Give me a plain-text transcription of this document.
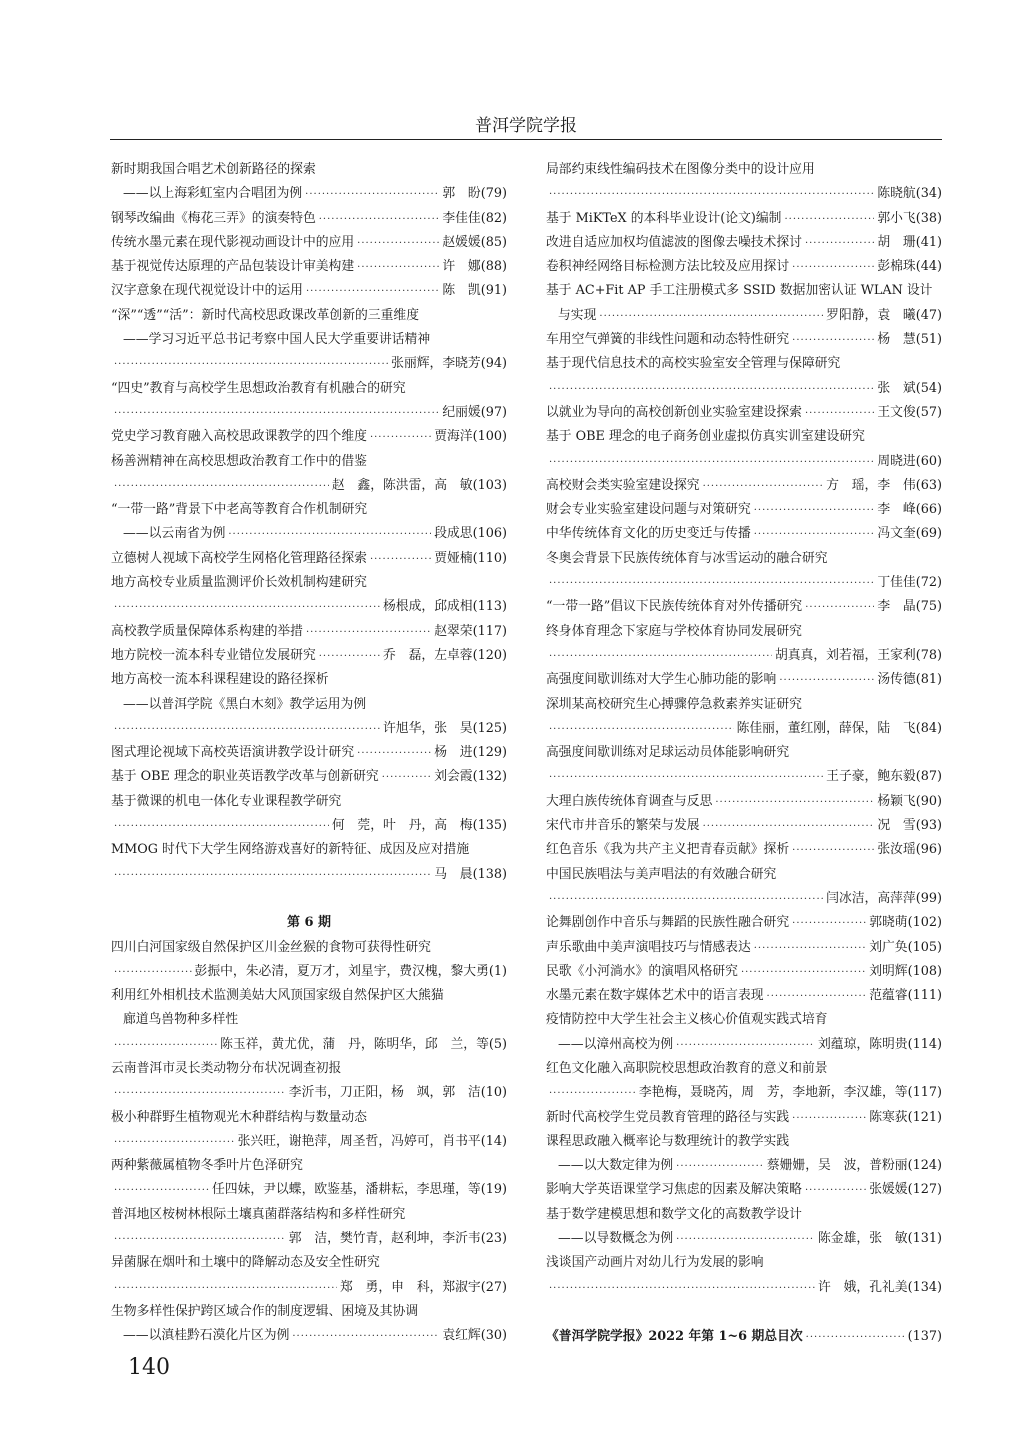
普洱学院学报
新时期我国合唱艺术创新路径的探索
——以上海彩虹室内合唱团为例 ·····	郭　盼(79)
钢琴改编曲《梅花三弄》的演奏特色 ·····	李佳佳(82)
传统水墨元素在现代影视动画设计中的应用 ·····	赵媛媛(85)
基于视觉传达原理的产品包装设计审美构建 ·····	许　娜(88)
汉字意象在现代视觉设计中的运用 ·····	陈　凯(91)
“深”“透”“活”：新时代高校思政课改革创新的三重维度
——学习习近平总书记考察中国人民大学重要讲话精神
·····
张丽辉，李晓芳(94)
“四史”教育与高校学生思想政治教育有机融合的研究
·····
纪丽媛(97)
党史学习教育融入高校思政课教学的四个维度 ·····	贾海洋(100)
杨善洲精神在高校思想政治教育工作中的借鉴
·····
赵　鑫，陈洪雷，高　敏(103)
“一带一路”背景下中老高等教育合作机制研究
——以云南省为例 ·····	段成思(106)
立德树人视域下高校学生网格化管理路径探索 ·····	贾娅楠(110)
地方高校专业质量监测评价长效机制构建研究
·····
杨根成，邱成相(113)
高校教学质量保障体系构建的举措 ·····	赵翠荣(117)
地方院校一流本科专业错位发展研究 ·····	乔　磊，左卓蓉(120)
地方高校一流本科课程建设的路径探析
——以普洱学院《黑白木刻》教学运用为例
·····
许旭华，张　昊(125)
图式理论视域下高校英语演讲教学设计研究 ·····	杨　进(129)
基于 OBE 理念的职业英语教学改革与创新研究 ·····	刘会霞(132)
基于微课的机电一体化专业课程教学研究
·····
何　莞，叶　丹，高　梅(135)
MMOG 时代下大学生网络游戏喜好的新特征、成因及应对措施
·····
马　晨(138)
第 6 期
四川白河国家级自然保护区川金丝猴的食物可获得性研究
·····
彭振中，朱必清，夏万才，刘星宇，费汉槐，黎大勇(1)
利用红外相机技术监测美姑大风顶国家级自然保护区大熊猫
廊道鸟兽物种多样性
·····
陈玉祥，黄尤优，蒲　丹，陈明华，邱　兰，等(5)
云南普洱市灵长类动物分布状况调查初报
·····
李沂韦，刀正阳，杨　飒，郭　洁(10)
极小种群野生植物观光木种群结构与数量动态
·····
张兴旺，谢艳萍，周圣哲，冯婷可，肖书平(14)
两种紫薇属植物冬季叶片色泽研究
·····
任四妹，尹以蝶，欧鉴基，潘耕耘，李思瑾，等(19)
普洱地区桉树林根际土壤真菌群落结构和多样性研究
·····
郭　洁，樊竹青，赵利坤，李沂韦(23)
异菌脲在烟叶和土壤中的降解动态及安全性研究
·····
郑　勇，申　科，郑淑宇(27)
生物多样性保护跨区域合作的制度逻辑、困境及其协调
——以滇桂黔石漠化片区为例 ·····	袁红辉(30)
局部约束线性编码技术在图像分类中的设计应用
·····
陈晓航(34)
基于 MiKTeX 的本科毕业设计(论文)编制 ·····	郭小飞(38)
改进自适应加权均值滤波的图像去噪技术探讨 ·····	胡　珊(41)
卷积神经网络目标检测方法比较及应用探讨 ·····	彭棉珠(44)
基于 AC+Fit AP 手工注册模式多 SSID 数据加密认证 WLAN 设计
与实现 ·····	罗阳静，袁　曦(47)
车用空气弹簧的非线性问题和动态特性研究 ·····	杨　慧(51)
基于现代信息技术的高校实验室安全管理与保障研究
·····
张　斌(54)
以就业为导向的高校创新创业实验室建设探索 ·····	王文俊(57)
基于 OBE 理念的电子商务创业虚拟仿真实训室建设研究
·····
周晓进(60)
高校财会类实验室建设探究 ·····	方　瑶，李　伟(63)
财会专业实验室建设问题与对策研究 ·····	李　峰(66)
中华传统体育文化的历史变迁与传播 ·····	冯文奎(69)
冬奥会背景下民族传统体育与冰雪运动的融合研究
·····
丁佳佳(72)
“一带一路”倡议下民族传统体育对外传播研究 ·····	李　晶(75)
终身体育理念下家庭与学校体育协同发展研究
·····
胡真真，刘若福，王家利(78)
高强度间歇训练对大学生心肺功能的影响 ·····	汤传德(81)
深圳某高校研究生心搏骤停急救素养实证研究
·····
陈佳丽，董红刚，薛保，陆　飞(84)
高强度间歇训练对足球运动员体能影响研究
·····
王子豪，鲍东毅(87)
大理白族传统体育调查与反思 ·····	杨颖飞(90)
宋代市井音乐的繁荣与发展 ·····	况　雪(93)
红色音乐《我为共产主义把青春贡献》探析 ·····	张汝瑶(96)
中国民族唱法与美声唱法的有效融合研究
·····
闫冰洁，高萍萍(99)
论舞剧创作中音乐与舞蹈的民族性融合研究 ·····	郭晓萌(102)
声乐歌曲中美声演唱技巧与情感表达 ·····	刘广奂(105)
民歌《小河淌水》的演唱风格研究 ·····	刘明辉(108)
水墨元素在数字媒体艺术中的语言表现 ·····	范蕴睿(111)
疫情防控中大学生社会主义核心价值观实践式培育
——以漳州高校为例 ·····	刘蕴琼，陈明贵(114)
红色文化融入高职院校思想政治教育的意义和前景
·····
李艳梅，聂晓芮，周　芳，李地新，李汉雄，等(117)
新时代高校学生党员教育管理的路径与实践 ·····	陈寒荻(121)
课程思政融入概率论与数理统计的教学实践
——以大数定律为例 ·····	蔡姗姗，吴　波，普粉丽(124)
影响大学英语课堂学习焦虑的因素及解决策略 ·····	张媛媛(127)
基于数学建模思想和数学文化的高数教学设计
——以导数概念为例 ·····	陈金雄，张　敏(131)
浅谈国产动画片对幼儿行为发展的影响
·····
许　娥，孔礼美(134)
《普洱学院学报》2022 年第 1~6 期总目次 ·····	(137)
140
